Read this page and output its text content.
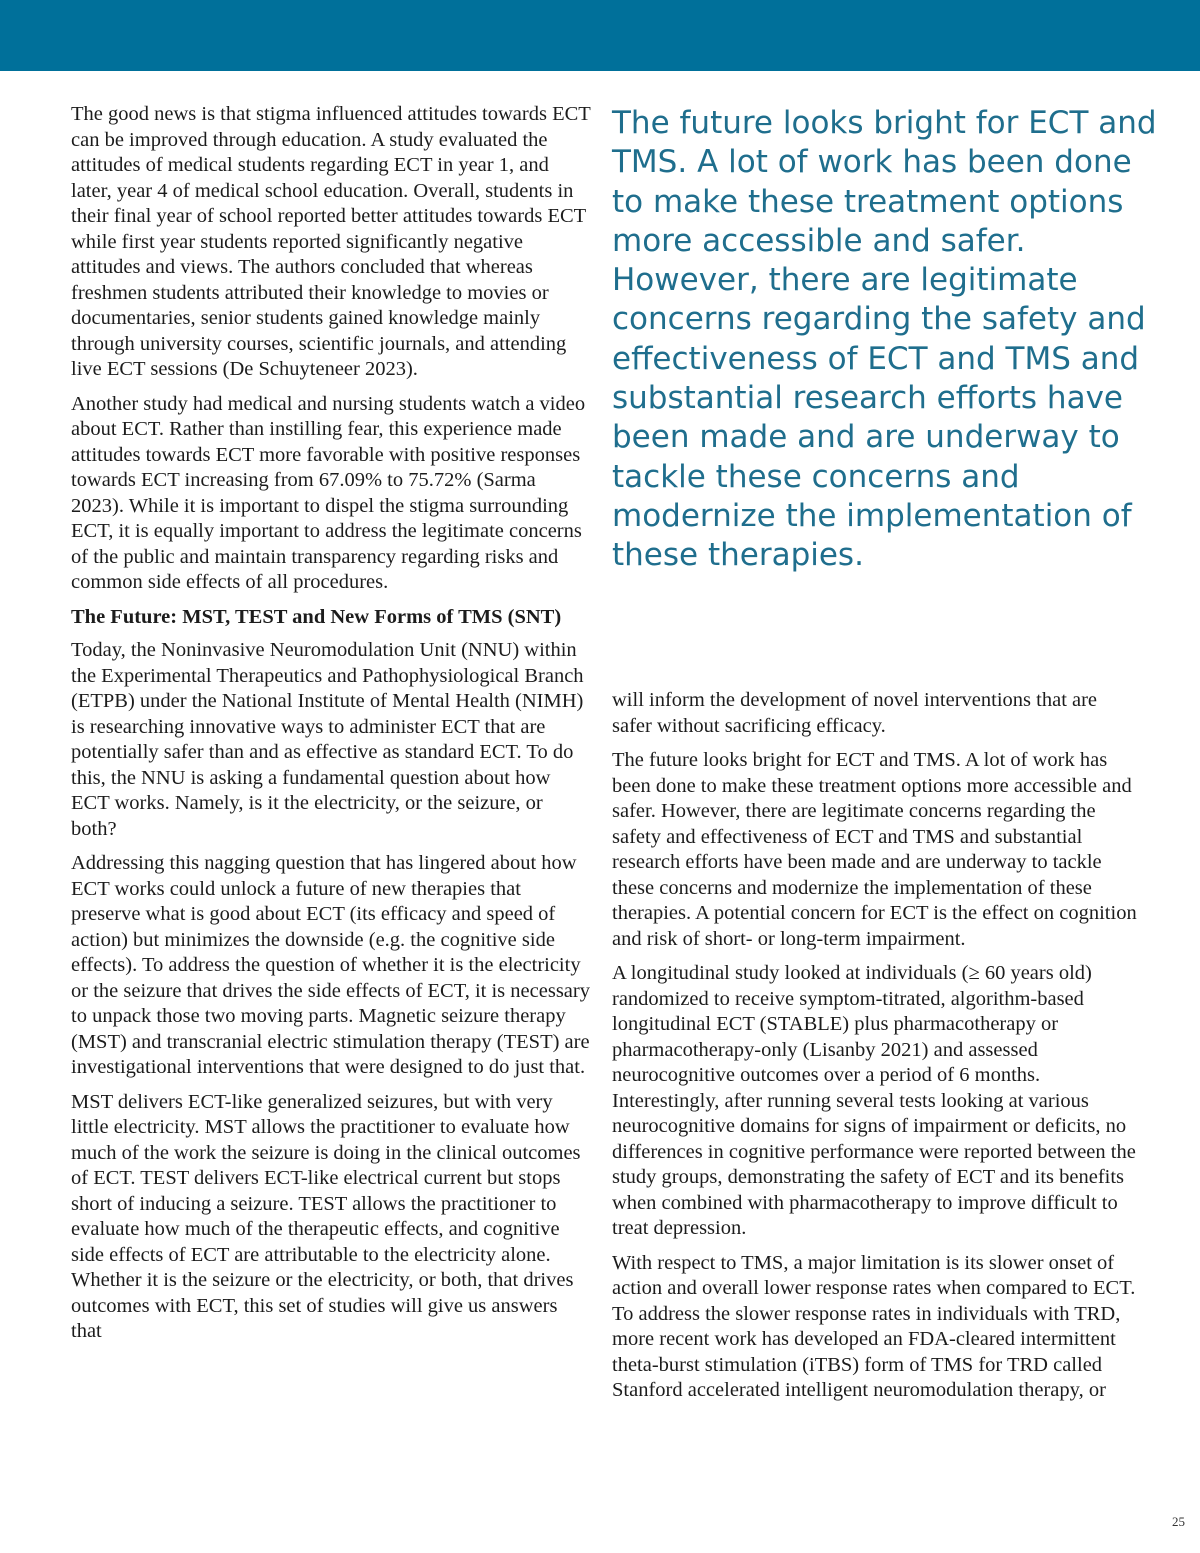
The good news is that stigma influenced attitudes towards ECT can be improved through education. A study evaluated the attitudes of medical students regarding ECT in year 1, and later, year 4 of medical school education. Overall, students in their final year of school reported better attitudes towards ECT while first year students reported significantly negative attitudes and views. The authors concluded that whereas freshmen students attributed their knowledge to movies or documentaries, senior students gained knowledge mainly through university courses, scientific journals, and attending live ECT sessions (De Schuyteneer 2023).

Another study had medical and nursing students watch a video about ECT. Rather than instilling fear, this experience made attitudes towards ECT more favorable with positive responses towards ECT increasing from 67.09% to 75.72% (Sarma 2023). While it is important to dispel the stigma surrounding ECT, it is equally important to address the legitimate concerns of the public and maintain transparency regarding risks and common side effects of all procedures.

The Future: MST, TEST and New Forms of TMS (SNT)

Today, the Noninvasive Neuromodulation Unit (NNU) within the Experimental Therapeutics and Pathophysiological Branch (ETPB) under the National Institute of Mental Health (NIMH) is researching innovative ways to administer ECT that are potentially safer than and as effective as standard ECT. To do this, the NNU is asking a fundamental question about how ECT works. Namely, is it the electricity, or the seizure, or both?

Addressing this nagging question that has lingered about how ECT works could unlock a future of new therapies that preserve what is good about ECT (its efficacy and speed of action) but minimizes the downside (e.g. the cognitive side effects). To address the question of whether it is the electricity or the seizure that drives the side effects of ECT, it is necessary to unpack those two moving parts. Magnetic seizure therapy (MST) and transcranial electric stimulation therapy (TEST) are investigational interventions that were designed to do just that.

MST delivers ECT-like generalized seizures, but with very little electricity. MST allows the practitioner to evaluate how much of the work the seizure is doing in the clinical outcomes of ECT. TEST delivers ECT-like electrical current but stops short of inducing a seizure. TEST allows the practitioner to evaluate how much of the therapeutic effects, and cognitive side effects of ECT are attributable to the electricity alone. Whether it is the seizure or the electricity, or both, that drives outcomes with ECT, this set of studies will give us answers that

The future looks bright for ECT and TMS. A lot of work has been done to make these treatment options more accessible and safer. However, there are legitimate concerns regarding the safety and effectiveness of ECT and TMS and substantial research efforts have been made and are underway to tackle these concerns and modernize the implementation of these therapies.

will inform the development of novel interventions that are safer without sacrificing efficacy.

The future looks bright for ECT and TMS. A lot of work has been done to make these treatment options more accessible and safer. However, there are legitimate concerns regarding the safety and effectiveness of ECT and TMS and substantial research efforts have been made and are underway to tackle these concerns and modernize the implementation of these therapies. A potential concern for ECT is the effect on cognition and risk of short- or long-term impairment.

A longitudinal study looked at individuals (≥ 60 years old) randomized to receive symptom-titrated, algorithm-based longitudinal ECT (STABLE) plus pharmacotherapy or pharmacotherapy-only (Lisanby 2021) and assessed neurocognitive outcomes over a period of 6 months. Interestingly, after running several tests looking at various neurocognitive domains for signs of impairment or deficits, no differences in cognitive performance were reported between the study groups, demonstrating the safety of ECT and its benefits when combined with pharmacotherapy to improve difficult to treat depression.

With respect to TMS, a major limitation is its slower onset of action and overall lower response rates when compared to ECT. To address the slower response rates in individuals with TRD, more recent work has developed an FDA-cleared intermittent theta-burst stimulation (iTBS) form of TMS for TRD called Stanford accelerated intelligent neuromodulation therapy, or

25
